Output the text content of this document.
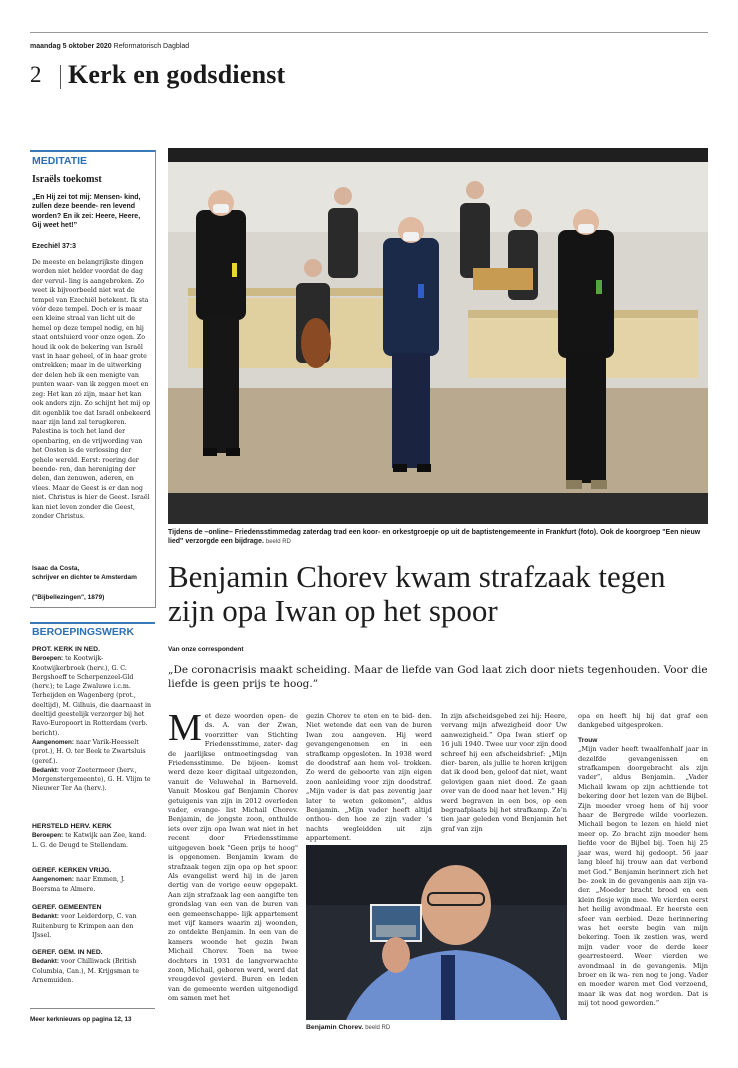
maandag 5 oktober 2020 Reformatorisch Dagblad
2 Kerk en godsdienst
MEDITATIE
Israëls toekomst
„En Hij zei tot mij: Mensen- kind, zullen deze beende- ren levend worden? En ik zei: Heere, Heere, Gij weet het!”
Ezechiël 37:3
De meeste en belangrijkste dingen worden niet helder voordat de dag der vervul- ling is aangebroken. Zo weet ik bijvoorbeeld niet wat de tempel van Ezechiël betekent. Ik sta vóór deze tempel. Doch er is maar een kleine straal van licht uit de hemel op deze tempel nodig, en hij staat ontsluierd voor onze ogen. Zo houd ik ook de bekering van Israël vast in haar geheel, of in haar grote omtrekken; maar in de uitwerking der delen heb ik een menigte van punten waar- van ik zeggen moet en zeg: Het kan zó zijn, maar het kan ook anders zijn. Zo schijnt het mij op dit ogenblik toe dat Israël onbekeerd naar zijn land zal terugkeren. Palestina is toch het land der openbaring, en de vrijwording van het Oosten is de verlossing der gehele wereld. Eerst: roering der beende- ren, dan hereniging der delen, dan zenuwen, aderen, en vlees. Maar de Geest is er dan nog niet. Christus is hier de Geest. Israël kan niet leven zonder die Geest, zonder Christus.
Isaac da Costa,
schrijver en dichter te Amsterdam
("Bijbellezingen", 1879)
BEROEPINGSWERK
PROT. KERK IN NED.
Beroepen: te Kootwijk-Kootwijkerbroek (herv.), G. C. Bergshoeff te Scherpenzeel-Gld (herv.); te Lage Zwaluwe i.c.m. Terheijden en Wagenberg (prot., deeltijd), M. Gilhuis, die daarnaast in deeltijd geestelijk verzorger bij het Ravo-Europoort in Rotterdam (verb. bericht).
Aangenomen: naar Varik-Heesselt (prot.), H. O. ter Beek te Zwartsluis (geref.).
Bedankt: voor Zoetermeer (herv., Morgenstergemeente), G. H. Vlijm te Nieuwer Ter Aa (herv.).
HERSTELD HERV. KERK
Beroepen: te Katwijk aan Zee, kand. L. G. de Deugd te Stellendam.
GEREF. KERKEN VRIJG.
Aangenomen: naar Emmen, J. Boersma te Almere.
GEREF. GEMEENTEN
Bedankt: voor Leiderdorp, C. van Ruitenburg te Krimpen aan den IJssel.
GEREF. GEM. IN NED.
Bedankt: voor Chilliwack (British Columbia, Can.), M. Krijgsman te Arnemuiden.
Meer kerknieuws op pagina 12, 13
Tijdens de –online– Friedensstimmedag zaterdag trad een koor- en orkestgroepje op uit de baptistengemeente in Frankfurt (foto). Ook de koorgroep "Een nieuw lied" verzorgde een bijdrage. beeld RD
Benjamin Chorev kwam strafzaak tegen zijn opa Iwan op het spoor
Van onze correspondent
„De coronacrisis maakt scheiding. Maar de liefde van God laat zich door niets tegenhouden. Voor die liefde is geen prijs te hoog.”
Met deze woorden open- de ds. A. van der Zwan, voorzitter van Stichting Friedensstimme, zater- dag de jaarlijkse ontmoetingsdag van Friedensstimme. De bijeen- komst werd deze keer digitaal uitgezonden, vanuit de Veluwehal in Barneveld. Vanuit Moskou gaf Benjamin Chorev getuigenis van zijn in 2012 overleden vader, evange- list Michail Chorev. Benjamin, de jongste zoon, onthulde iets over zijn opa Iwan wat niet in het recent door Friedensstimme uitgegeven boek "Geen prijs te hoog" is opgenomen. Benjamin kwam de strafzaak tegen zijn opa op het spoor. Als evangelist werd hij in de jaren dertig van de vorige eeuw opgepakt. Aan zijn strafzaak lag een aangifte ten grondslag van een van de buren van een gemeenschappe- lijk appartement met vijf kamers waarin zij woonden, zo ontdekte Benjamin. In een van de kamers woonde het gezin Iwan Michail Chorev. Toen na twee dochters in 1931 de langverwachte zoon, Michail, geboren werd, werd dat vreugdevol gevierd. Buren en leden van de gemeente werden uitgenodigd om samen met het
gezin Chorev te eten en te bid- den. Niet wetende dat een van de buren Iwan zou aangeven. Hij werd gevangengenomen en in een strafkamp opgesloten. In 1938 werd de doodstraf aan hem vol- trokken. Zo werd de geboorte van zijn eigen zoon aanleiding voor zijn doodstraf. „Mijn vader is dat pas zeventig jaar later te weten gekomen”, aldus Benjamin. „Mijn vader heeft altijd onthou- den hoe ze zijn vader ’s nachts wegleidden uit zijn appartement.
In zijn afscheidsgebed zei hij: Heere, vervang mijn afwezigheid door Uw aanwezigheid.” Opa Iwan stierf op 16 juli 1940. Twee uur voor zijn dood schreef hij een afscheidsbrief: „Mijn dier- baren, als jullie te horen krijgen dat ik dood ben, geloof dat niet, want gelovigen gaan niet dood. Ze gaan over van de dood naar het leven.” Hij werd begraven in een bos, op een begraafplaats bij het strafkamp. Zo’n tien jaar geleden vond Benjamin het graf van zijn

opa en heeft hij bij dat graf een dankgebed uitgesproken.

Trouw

„Mijn vader heeft twaalfenhalf jaar in dezelfde gevangenissen en strafkampen doorgebracht als zijn vader”, aldus Benjamin. „Vader Michail kwam op zijn achttiende tot bekering door het lezen van de Bijbel. Zijn moeder vroeg hem of hij voor haar de Bergrede wilde voorlezen. Michail begon te lezen en hield niet meer op. Zo bracht zijn moeder hem liefde voor de Bijbel bij. Toen hij 25 jaar was, werd hij gedoopt. 56 jaar lang bleef hij trouw aan dat verbond met God.” Benjamin herinnert zich het be- zoek in de gevangenis aan zijn va- der. „Moeder bracht brood en een klein flesje wijn mee. We vierden eerst het heilig avondmaal. Er heerste een sfeer van eerbied. Deze herinnering was het eerste begin van mijn bekering. Toen ik zestien was, werd mijn vader voor de derde keer gearresteerd. Weer vierden we avondmaal in de gevangenis. Mijn broer en ik wa- ren nog te jong. Vader en moeder waren met God verzoend, maar ik was dat nog worden. Dat is mij tot nood geworden.”

Benjamin Chorev. beeld RD
